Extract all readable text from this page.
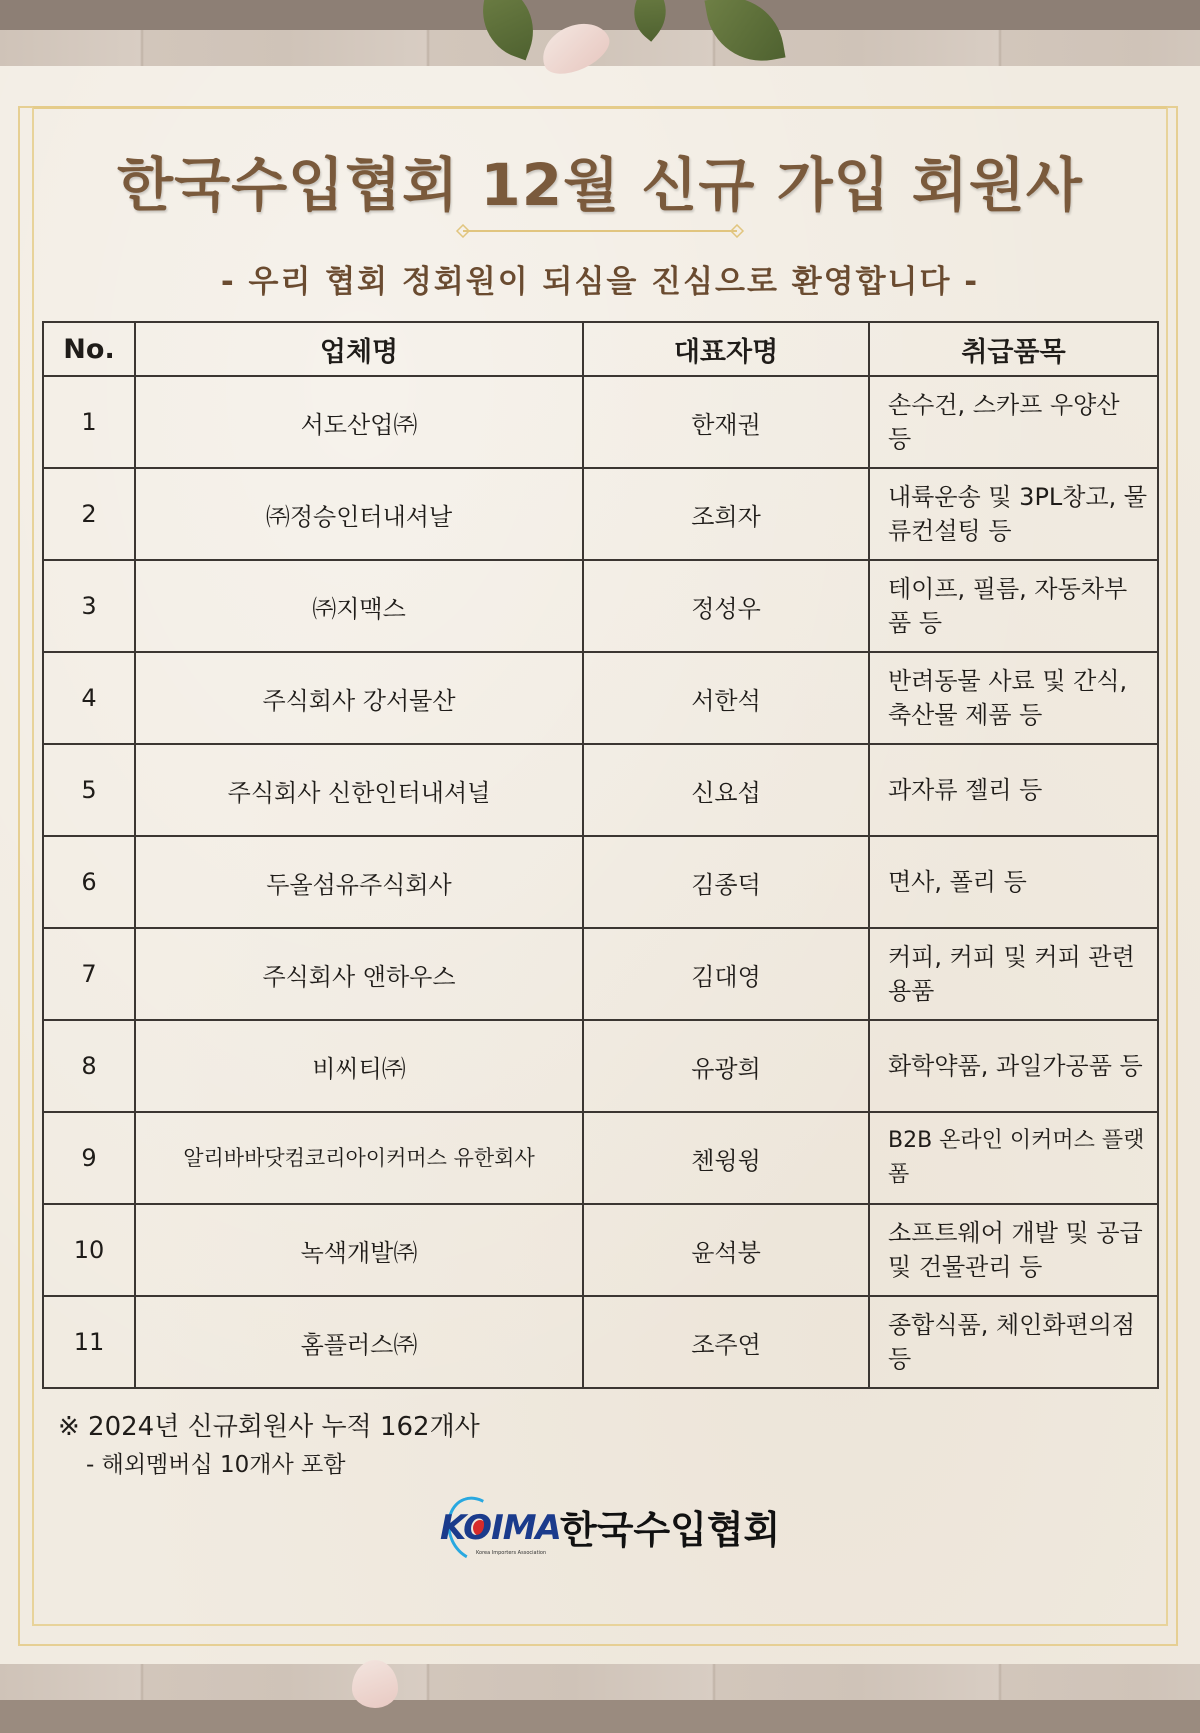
한국수입협회 12월 신규 가입 회원사
- 우리 협회 정회원이 되심을 진심으로 환영합니다 -
No.	업체명	대표자명	취급품목
1	서도산업㈜	한재권	손수건, 스카프 우양산 등
2	㈜정승인터내셔날	조희자	내륙운송 및 3PL창고, 물류컨설팅 등
3	㈜지맥스	정성우	테이프, 필름, 자동차부품 등
4	주식회사 강서물산	서한석	반려동물 사료 및 간식, 축산물 제품 등
5	주식회사 신한인터내셔널	신요섭	과자류 젤리 등
6	두올섬유주식회사	김종덕	면사, 폴리 등
7	주식회사 앤하우스	김대영	커피, 커피 및 커피 관련용품
8	비씨티㈜	유광희	화학약품, 과일가공품 등
9	알리바바닷컴코리아이커머스 유한회사	첸윙윙	B2B 온라인 이커머스 플랫폼
10	녹색개발㈜	윤석붕	소프트웨어 개발 및 공급 및 건물관리 등
11	홈플러스㈜	조주연	종합식품, 체인화편의점 등
※ 2024년 신규회원사 누적 162개사
- 해외멤버십 10개사 포함
KOIMA
Korea Importers Association
한국수입협회
